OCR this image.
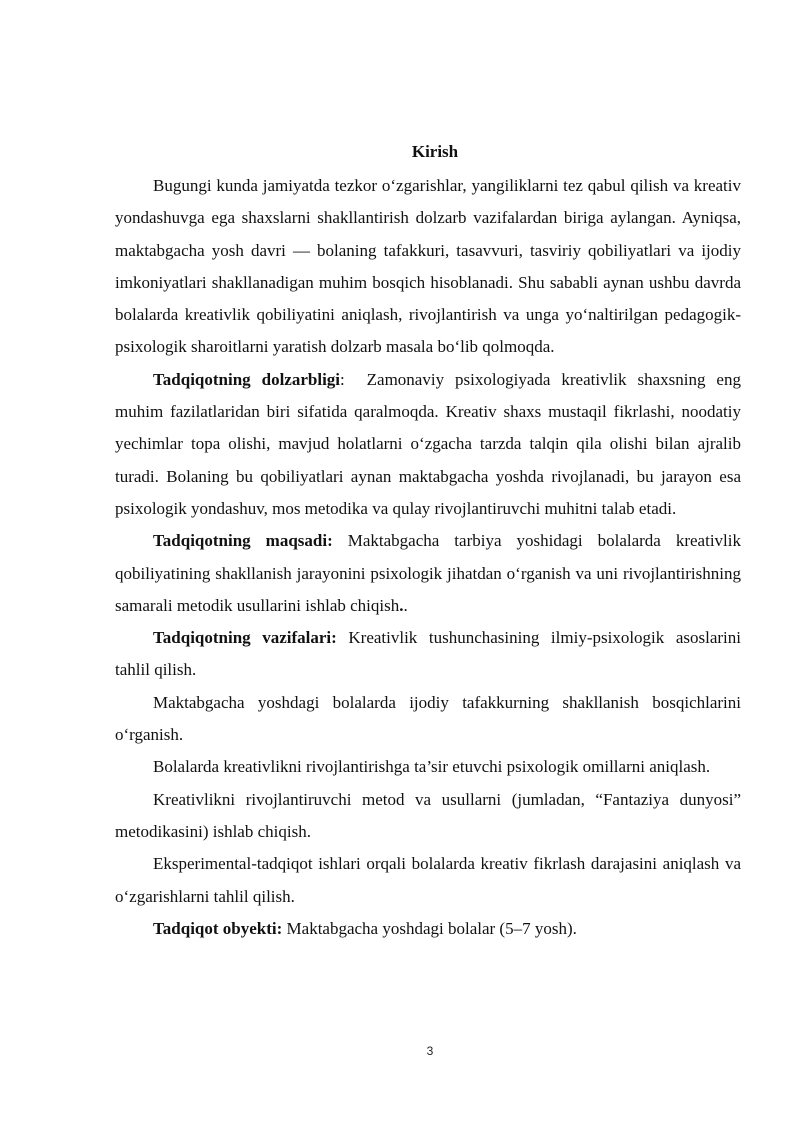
Kirish

Bugungi kunda jamiyatda tezkor o‘zgarishlar, yangiliklarni tez qabul qilish va kreativ yondashuvga ega shaxslarni shakllantirish dolzarb vazifalardan biriga aylangan. Ayniqsa, maktabgacha yosh davri — bolaning tafakkuri, tasavvuri, tasviriy qobiliyatlari va ijodiy imkoniyatlari shakllanadigan muhim bosqich hisoblanadi. Shu sababli aynan ushbu davrda bolalarda kreativlik qobiliyatini aniqlash, rivojlantirish va unga yo‘naltirilgan pedagogik-psixologik sharoitlarni yaratish dolzarb masala bo‘lib qolmoqda.

Tadqiqotning dolzarbligi:  Zamonaviy psixologiyada kreativlik shaxsning eng muhim fazilatlaridan biri sifatida qaralmoqda. Kreativ shaxs mustaqil fikrlashi, noodatiy yechimlar topa olishi, mavjud holatlarni o‘zgacha tarzda talqin qila olishi bilan ajralib turadi. Bolaning bu qobiliyatlari aynan maktabgacha yoshda rivojlanadi, bu jarayon esa psixologik yondashuv, mos metodika va qulay rivojlantiruvchi muhitni talab etadi.

Tadqiqotning maqsadi: Maktabgacha tarbiya yoshidagi bolalarda kreativlik qobiliyatining shakllanish jarayonini psixologik jihatdan o‘rganish va uni rivojlantirishning samarali metodik usullarini ishlab chiqish..

Tadqiqotning vazifalari: Kreativlik tushunchasining ilmiy-psixologik asoslarini tahlil qilish.

Maktabgacha yoshdagi bolalarda ijodiy tafakkurning shakllanish bosqichlarini o‘rganish.

Bolalarda kreativlikni rivojlantirishga ta’sir etuvchi psixologik omillarni aniqlash.

Kreativlikni rivojlantiruvchi metod va usullarni (jumladan, “Fantaziya dunyosi” metodikasini) ishlab chiqish.

Eksperimental-tadqiqot ishlari orqali bolalarda kreativ fikrlash darajasini aniqlash va o‘zgarishlarni tahlil qilish.

Tadqiqot obyekti: Maktabgacha yoshdagi bolalar (5–7 yosh).

3
